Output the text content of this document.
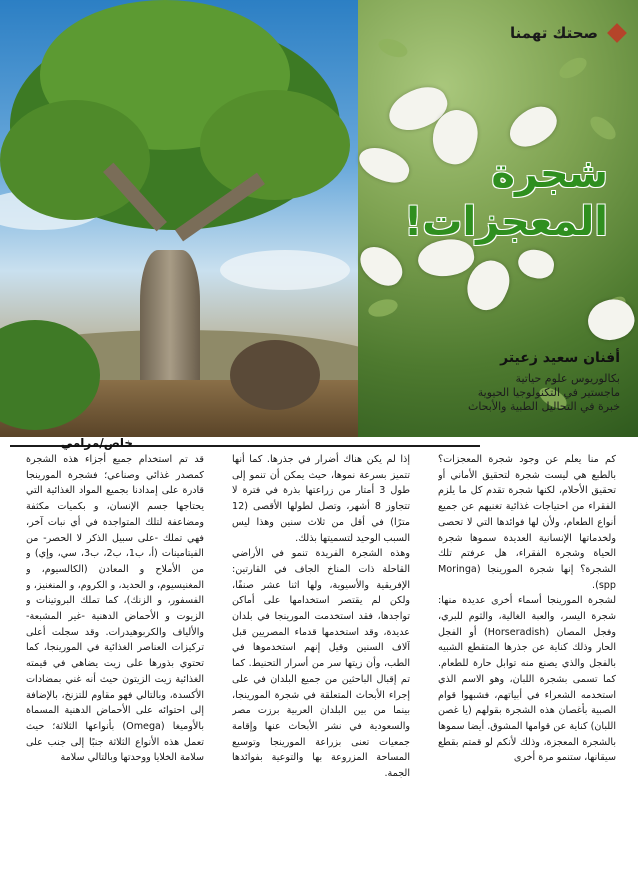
صحتك تهمنا
شجرة
المعجزات!
أفنان سعيد زعيتر
بكالوريوس علوم حياتية
ماجستير في التكنولوجيا الحيوية
خبرة في التحاليل الطبية والأبحاث
خاص/مرامي

كم منا يعلم عن وجود شجرة المعجزات؟ بالطبع هي ليست شجرة لتحقيق الأماني أو تحقيق الأحلام، لكنها شجرة تقدم كل ما يلزم الفقراء من احتياجات غذائية تغنيهم عن جميع أنواع الطعام، ولأن لها فوائدها التي لا تحصى ولخدماتها الإنسانية العديدة سموها شجرة الحياة وشجرة الفقراء، هل عرفتم تلك الشجرة؟ إنها شجرة المورينجا (Moringa spp).

لشجرة المورينجا أسماء أخرى عديدة منها: شجرة اليسر، والعبة الغالية، والثوم للبري، وفجل المصان (Horseradish) أو الفجل الحار وذلك كناية عن جذرها المتقطع الشبيه بالفجل والذي يصنع منه توابل حارة للطعام. كما تسمى بشجرة اللبان، وهو الاسم الذي استخدمه الشعراء في أبياتهم، فشبهوا قوام الصبية بأغصان هذه الشجرة بقولهم (يا غصن اللبان) كناية عن قوامها المشوق. أيضا سموها بالشجرة المعجزة، وذلك لأنكم لو قمتم بقطع سيقانها، ستنمو مرة أخرى

إذا لم يكن هناك أضرار في جذرها. كما أنها تتميز بسرعة نموها، حيث يمكن أن تنمو إلى طول 3 أمتار من زراعتها بذرة في فترة لا تتجاوز 8 أشهر، وتصل لطولها الأقصى (12 مترًا) في أقل من ثلاث سنين وهذا ليس السبب الوحيد لتسميتها بذلك.

وهذه الشجرة الفريدة تنمو في الأراضي القاحلة ذات المناخ الجاف في القارتين: الإفريقية والأسيوية، ولها اثنا عشر صنفًا، ولكن لم يقتصر استخدامها على أماكن تواجدها، فقد استخدمت المورينجا في بلدان عديدة، وقد استخدمها قدماء المصريين قبل آلاف السنين وقيل إنهم استخدموها في الطب، وأن زيتها سر من أسرار التحنيط. كما تم إقبال الباحثين من جميع البلدان في على إجراء الأبحاث المتعلقة في شجرة المورينجا، بينما من بين البلدان العربية برزت مصر والسعودية في نشر الأبحاث عنها وإقامة جمعيات تعنى بزراعة المورينجا وتوسيع المساحة المزروعة بها والتوعية بفوائدها الجمة.

قد تم استخدام جميع أجزاء هذه الشجرة كمصدر غذائي وصناعي؛ فشجرة المورينجا قادرة على إمدادنا بجميع المواد الغذائية التي يحتاجها جسم الإنسان، و بكميات مكثفة ومضاعفة لتلك المتواجدة في أي نبات آخر، فهي تملك -على سبيل الذكر لا الحصر- من الفيتامينات (أ، ب1، ب2، ب3، سي، وإي) و من الأملاح و المعادن (الكالسيوم، و المغنيسيوم، و الحديد، و الكروم، و المنغنيز، و الفسفور، و الزنك)، كما تملك البروتينات و الزيوت و الأحماض الدهنية -غير المشبعة- والألياف والكربوهيدرات. وقد سجلت أعلى تركيزات العناصر الغذائية في المورينجا، كما تحتوي بذورها على زيت يضاهي في قيمته الغذائية زيت الزيتون حيث أنه غني بمضادات الأكسدة، وبالتالي فهو مقاوم للتزنخ، بالإضافة إلى احتوائه على الأحماض الدهنية المسماة بالأوميغا (Omega) بأنواعها الثلاثة؛ حيث تعمل هذه الأنواع الثلاثة جنبًا إلى جنب على سلامة الخلايا ووحدتها وبالتالي سلامة
